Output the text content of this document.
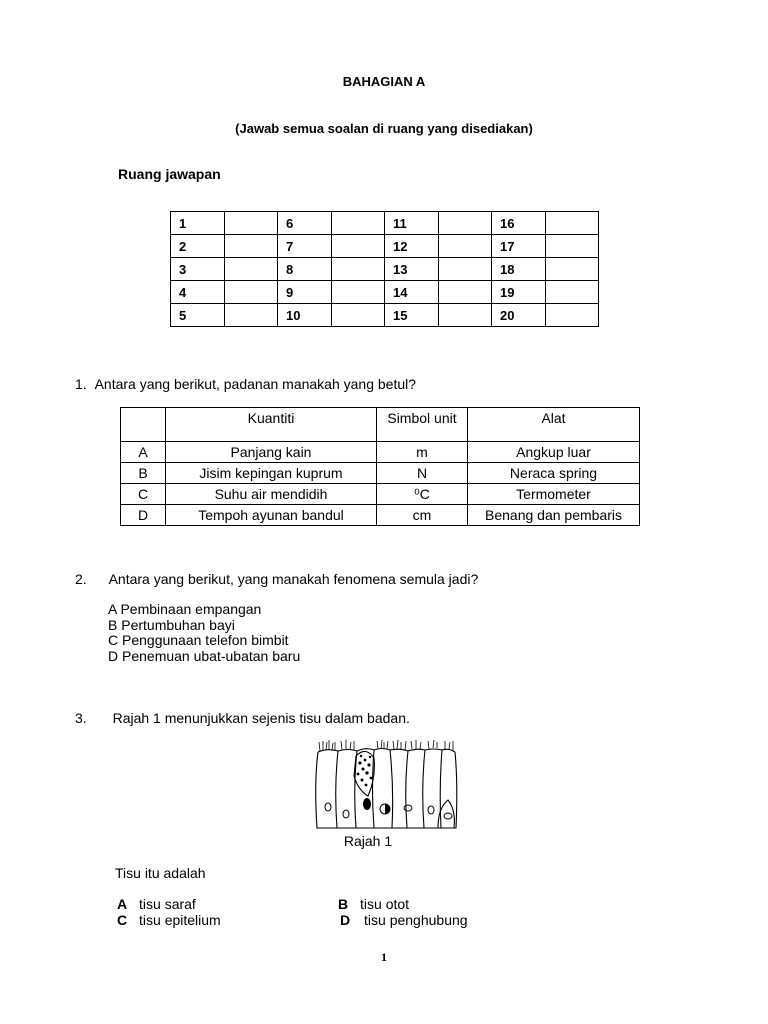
BAHAGIAN A
(Jawab semua soalan di ruang yang disediakan)
Ruang jawapan
1		6		11		16	
2		7		12		17	
3		8		13		18	
4		9		14		19	
5		10		15		20	
1. Antara yang berikut, padanan manakah yang betul?
	Kuantiti	Simbol unit	Alat
A	Panjang kain	m	Angkup luar
B	Jisim kepingan kuprum	N	Neraca spring
C	Suhu air mendidih	⁰C	Termometer
D	Tempoh ayunan bandul	cm	Benang dan pembaris
2. Antara yang berikut, yang manakah fenomena semula jadi?
A Pembinaan empangan
B Pertumbuhan bayi
C Penggunaan telefon bimbit
D Penemuan ubat-ubatan baru
3. Rajah 1 menunjukkan sejenis tisu dalam badan.
Rajah 1
Tisu itu adalah
A tisu saraf	B tisu otot
C tisu epitelium	D tisu penghubung
1
